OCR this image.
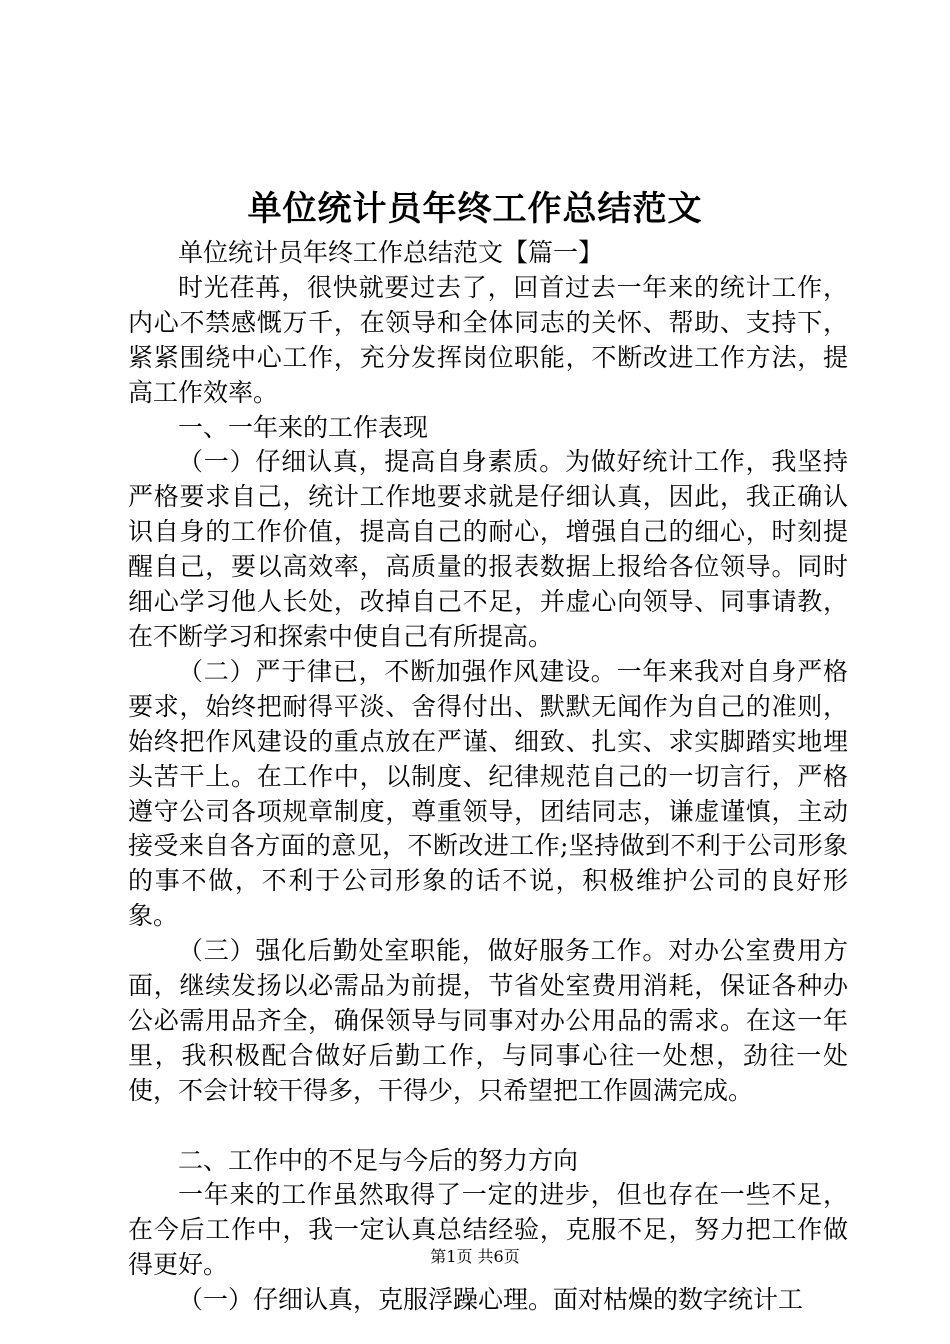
单位统计员年终工作总结范文

单位统计员年终工作总结范文【篇一】

时光荏苒，很快就要过去了，回首过去一年来的统计工作，内心不禁感慨万千，在领导和全体同志的关怀、帮助、支持下，紧紧围绕中心工作，充分发挥岗位职能，不断改进工作方法，提高工作效率。

一、一年来的工作表现

（一）仔细认真，提高自身素质。为做好统计工作，我坚持严格要求自己，统计工作地要求就是仔细认真，因此，我正确认识自身的工作价值，提高自己的耐心，增强自己的细心，时刻提醒自己，要以高效率，高质量的报表数据上报给各位领导。同时细心学习他人长处，改掉自己不足，并虚心向领导、同事请教，在不断学习和探索中使自己有所提高。

（二）严于律已，不断加强作风建设。一年来我对自身严格要求，始终把耐得平淡、舍得付出、默默无闻作为自己的准则，始终把作风建设的重点放在严谨、细致、扎实、求实脚踏实地埋头苦干上。在工作中，以制度、纪律规范自己的一切言行，严格遵守公司各项规章制度，尊重领导，团结同志，谦虚谨慎，主动接受来自各方面的意见，不断改进工作;坚持做到不利于公司形象的事不做，不利于公司形象的话不说，积极维护公司的良好形象。

（三）强化后勤处室职能，做好服务工作。对办公室费用方面，继续发扬以必需品为前提，节省处室费用消耗，保证各种办公必需用品齐全，确保领导与同事对办公用品的需求。在这一年里，我积极配合做好后勤工作，与同事心往一处想，劲往一处使，不会计较干得多，干得少，只希望把工作圆满完成。

二、工作中的不足与今后的努力方向

一年来的工作虽然取得了一定的进步，但也存在一些不足，在今后工作中，我一定认真总结经验，克服不足，努力把工作做得更好。

（一）仔细认真，克服浮躁心理。面对枯燥的数字统计工

第1页 共6页
